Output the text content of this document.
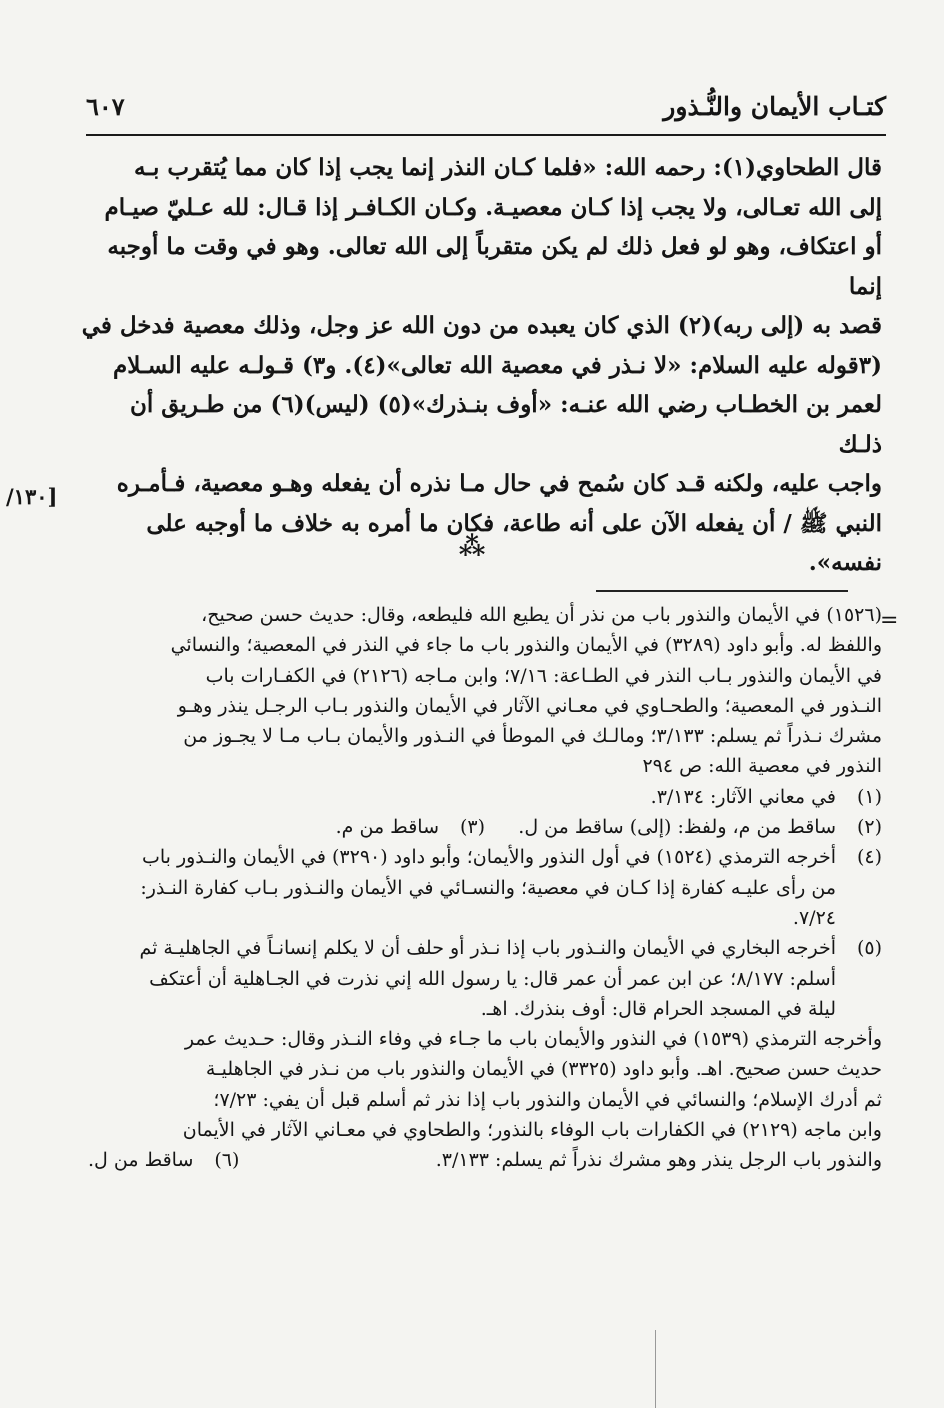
كتـاب الأيمان والنُّـذور
٦٠٧

قال الطحاوي(١): رحمه الله: «فلما كـان النذر إنما يجب إذا كان مما يُتقرب بـه

إلى الله تعـالى، ولا يجب إذا كـان معصيـة. وكـان الكـافـر إذا قـال: لله عـليّ صيـام

أو اعتكاف، وهو لو فعل ذلك لم يكن متقرباً إلى الله تعالى. وهو في وقت ما أوجبه إنما

قصد به (إلى ربه)(٢) الذي كان يعبده من دون الله عز وجل، وذلك معصية فدخل في

(٣قوله عليه السلام: «لا نـذر في معصية الله تعالى»(٤). و٣) قـولـه عليه السـلام

لعمر بن الخطـاب رضي الله عنـه: «أوف بنـذرك»(٥) (ليس)(٦) من طـريق أن ذلـك

واجب عليه، ولكنه قـد كان سُمح في حال مـا نذره أن يفعله وهـو معصية، فـأمـره

النبي ﷺ / أن يفعله الآن على أنه طاعة، فكان ما أمره به خلاف ما أوجبه على نفسه».

[١٣٠/
⁂
=

(١٥٢٦) في الأيمان والنذور باب من نذر أن يطيع الله فليطعه، وقال: حديث حسن صحيح،

واللفظ له. وأبو داود (٣٢٨٩) في الأيمان والنذور باب ما جاء في النذر في المعصية؛ والنسائي

في الأيمان والنذور بـاب النذر في الطـاعة: ٧/١٦؛ وابن مـاجه (٢١٢٦) في الكفـارات باب

النـذور في المعصية؛ والطحـاوي في معـاني الآثار في الأيمان والنذور بـاب الرجـل ينذر وهـو

مشرك نـذراً ثم يسلم: ٣/١٣٣؛ ومالـك في الموطأ في النـذور والأيمان بـاب مـا لا يجـوز من

النذور في معصية الله: ص ٢٩٤

(١)
في معاني الآثار: ٣/١٣٤.
(٢)
ساقط من م، ولفظ: (إلى) ساقط من ل.
(٣)
ساقط من م.
(٤)

أخرجه الترمذي (١٥٢٤) في أول النذور والأيمان؛ وأبو داود (٣٢٩٠) في الأيمان والنـذور باب

من رأى عليـه كفارة إذا كـان في معصية؛ والنسـائي في الأيمان والنـذور بـاب كفارة النـذر:

٧/٢٤.

(٥)

أخرجه البخاري في الأيمان والنـذور باب إذا نـذر أو حلف أن لا يكلم إنسانـاً في الجاهليـة ثم

أسلم: ٨/١٧٧؛ عن ابن عمر أن عمر قال: يا رسول الله إني نذرت في الجـاهلية أن أعتكف

ليلة في المسجد الحرام قال: أوف بنذرك. اهـ.

وأخرجه الترمذي (١٥٣٩) في النذور والأيمان باب ما جـاء في وفاء النـذر وقال: حـديث عمر

حديث حسن صحيح. اهـ. وأبو داود (٣٣٢٥) في الأيمان والنذور باب من نـذر في الجاهليـة

ثم أدرك الإسلام؛ والنسائي في الأيمان والنذور باب إذا نذر ثم أسلم قبل أن يفي: ٧/٢٣؛

وابن ماجه (٢١٢٩) في الكفارات باب الوفاء بالنذور؛ والطحاوي في معـاني الآثار في الأيمان

والنذور باب الرجل ينذر وهو مشرك نذراً ثم يسلم: ٣/١٣٣.

(٦)
ساقط من ل.
